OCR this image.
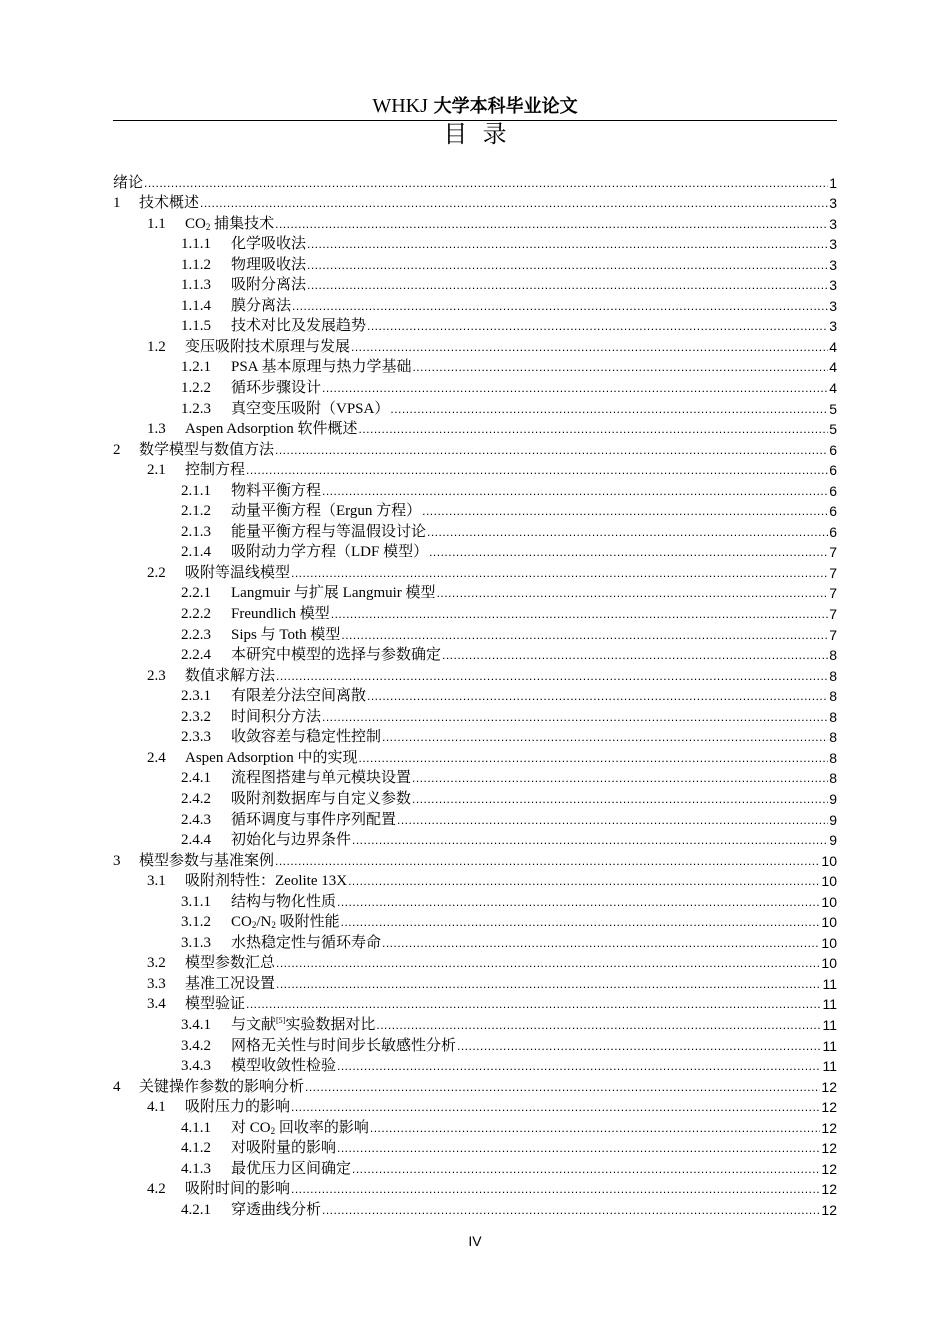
WHKJ 大学本科毕业论文
目  录
绪论 .....	1
1	技术概述 .....	3
1.1	$CO_2$ 捕集技术 .....	3
1.1.1	化学吸收法 .....	3
1.1.2	物理吸收法 .....	3
1.1.3	吸附分离法 .....	3
1.1.4	膜分离法 .....	3
1.1.5	技术对比及发展趋势 .....	3
1.2	变压吸附技术原理与发展 .....	4
1.2.1	PSA 基本原理与热力学基础 .....	4
1.2.2	循环步骤设计 .....	4
1.2.3	真空变压吸附（VPSA） .....	5
1.3	Aspen Adsorption 软件概述 .....	5
2	数学模型与数值方法 .....	6
2.1	控制方程 .....	6
2.1.1	物料平衡方程 .....	6
2.1.2	动量平衡方程（Ergun 方程） .....	6
2.1.3	能量平衡方程与等温假设讨论 .....	6
2.1.4	吸附动力学方程（LDF 模型） .....	7
2.2	吸附等温线模型 .....	7
2.2.1	Langmuir 与扩展 Langmuir 模型 .....	7
2.2.2	Freundlich 模型 .....	7
2.2.3	Sips 与 Toth 模型 .....	7
2.2.4	本研究中模型的选择与参数确定 .....	8
2.3	数值求解方法 .....	8
2.3.1	有限差分法空间离散 .....	8
2.3.2	时间积分方法 .....	8
2.3.3	收敛容差与稳定性控制 .....	8
2.4	Aspen Adsorption 中的实现 .....	8
2.4.1	流程图搭建与单元模块设置 .....	8
2.4.2	吸附剂数据库与自定义参数 .....	9
2.4.3	循环调度与事件序列配置 .....	9
2.4.4	初始化与边界条件 .....	9
3	模型参数与基准案例 .....	10
3.1	吸附剂特性：Zeolite 13X .....	10
3.1.1	结构与物化性质 .....	10
3.1.2	$CO_2/N_2$ 吸附性能 .....	10
3.1.3	水热稳定性与循环寿命 .....	10
3.2	模型参数汇总 .....	10
3.3	基准工况设置 .....	11
3.4	模型验证 .....	11
3.4.1	与文献[5]实验数据对比 .....	11
3.4.2	网格无关性与时间步长敏感性分析 .....	11
3.4.3	模型收敛性检验 .....	11
4	关键操作参数的影响分析 .....	12
4.1	吸附压力的影响 .....	12
4.1.1	对 $CO_2$ 回收率的影响 .....	12
4.1.2	对吸附量的影响 .....	12
4.1.3	最优压力区间确定 .....	12
4.2	吸附时间的影响 .....	12
4.2.1	穿透曲线分析 .....	12
IV
